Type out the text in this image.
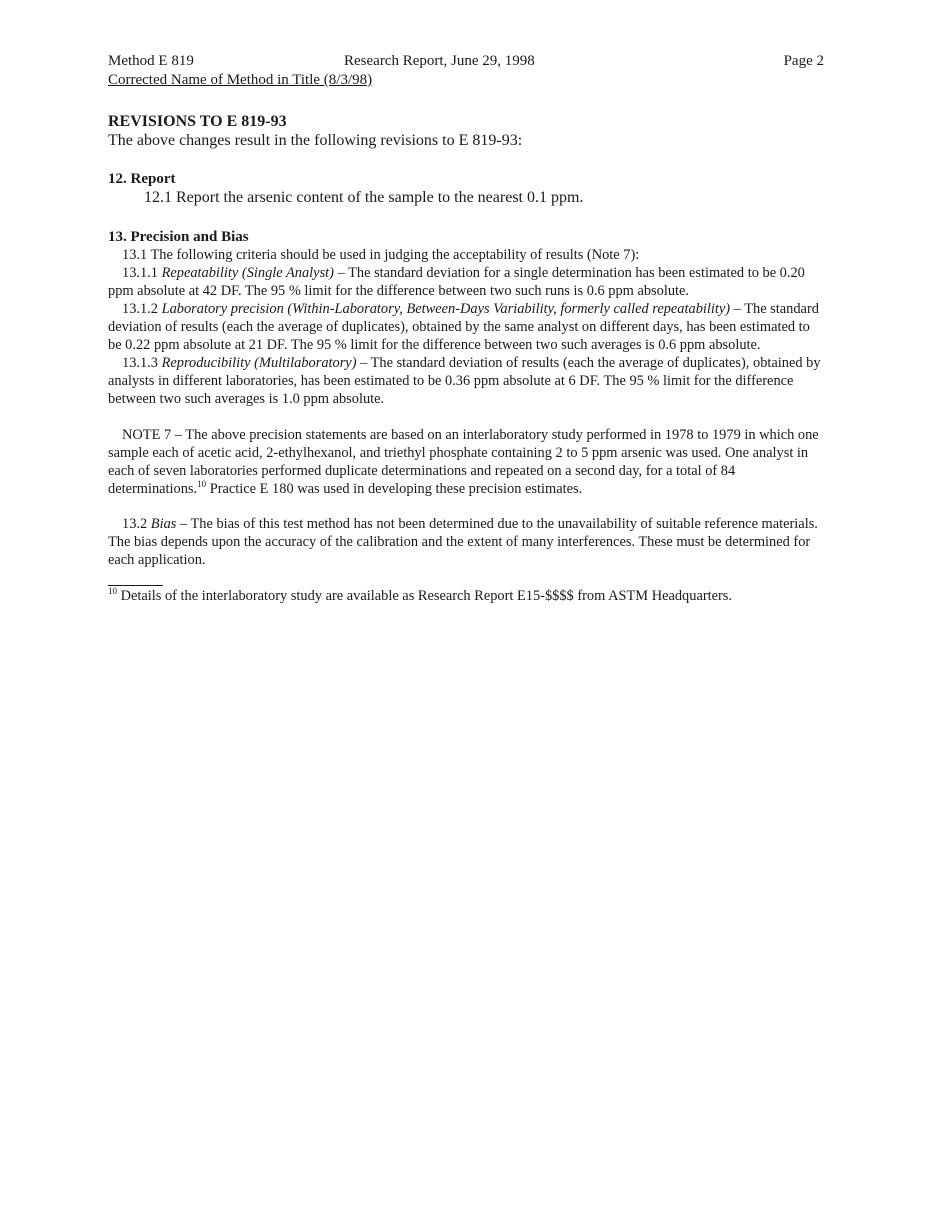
Method E 819	Research Report, June 29, 1998	Page 2
Corrected Name of Method in Title (8/3/98)
REVISIONS TO E 819-93
The above changes result in the following revisions to E 819-93:
12. Report
12.1 Report the arsenic content of the sample to the nearest 0.1 ppm.
13. Precision and Bias

13.1 The following criteria should be used in judging the acceptability of results (Note 7):

13.1.1 Repeatability (Single Analyst) – The standard deviation for a single determination has been estimated to be 0.20 ppm absolute at 42 DF. The 95 % limit for the difference between two such runs is 0.6 ppm absolute.

13.1.2 Laboratory precision (Within-Laboratory, Between-Days Variability, formerly called repeatability) – The standard deviation of results (each the average of duplicates), obtained by the same analyst on different days, has been estimated to be 0.22 ppm absolute at 21 DF. The 95 % limit for the difference between two such averages is 0.6 ppm absolute.

13.1.3 Reproducibility (Multilaboratory) – The standard deviation of results (each the average of duplicates), obtained by analysts in different laboratories, has been estimated to be 0.36 ppm absolute at 6 DF. The 95 % limit for the difference between two such averages is 1.0 ppm absolute.

NOTE 7 – The above precision statements are based on an interlaboratory study performed in 1978 to 1979 in which one sample each of acetic acid, 2-ethylhexanol, and triethyl phosphate containing 2 to 5 ppm arsenic was used. One analyst in each of seven laboratories performed duplicate determinations and repeated on a second day, for a total of 84 determinations.$^{10}$ Practice E 180 was used in developing these precision estimates.

13.2 Bias – The bias of this test method has not been determined due to the unavailability of suitable reference materials. The bias depends upon the accuracy of the calibration and the extent of many interferences. These must be determined for each application.

$^{10}$ Details of the interlaboratory study are available as Research Report E15-$$$$ from ASTM Headquarters.
